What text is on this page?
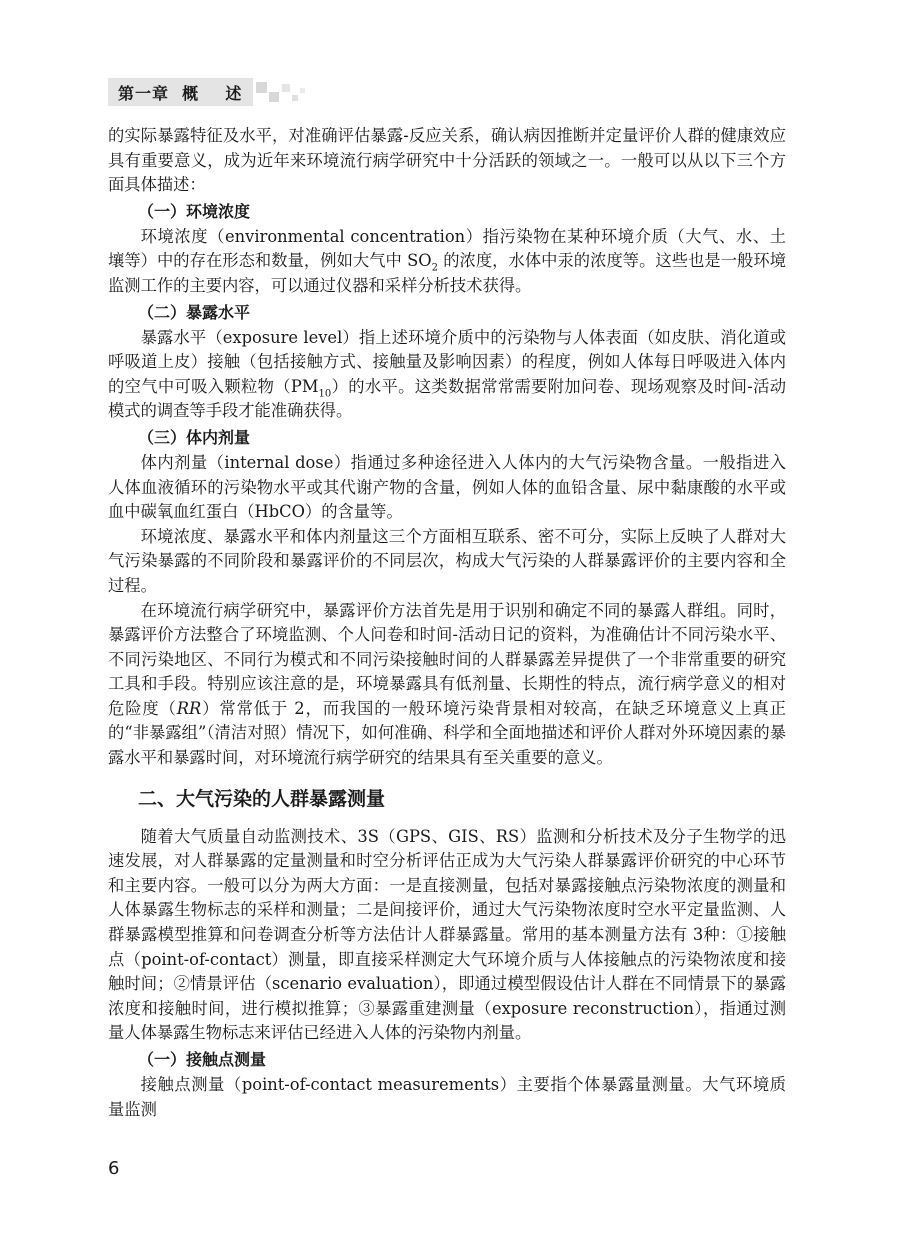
第一章  概    述

的实际暴露特征及水平，对准确评估暴露-反应关系，确认病因推断并定量评价人群的健康效应具有重要意义，成为近年来环境流行病学研究中十分活跃的领域之一。一般可以从以下三个方面具体描述：

（一）环境浓度

环境浓度（environmental concentration）指污染物在某种环境介质（大气、水、土壤等）中的存在形态和数量，例如大气中 $SO_2$ 的浓度，水体中汞的浓度等。这些也是一般环境监测工作的主要内容，可以通过仪器和采样分析技术获得。

（二）暴露水平

暴露水平（exposure level）指上述环境介质中的污染物与人体表面（如皮肤、消化道或呼吸道上皮）接触（包括接触方式、接触量及影响因素）的程度，例如人体每日呼吸进入体内的空气中可吸入颗粒物$(PM_{10})$的水平。这类数据常常需要附加问卷、现场观察及时间-活动模式的调查等手段才能准确获得。

（三）体内剂量

体内剂量（internal dose）指通过多种途径进入人体内的大气污染物含量。一般指进入人体血液循环的污染物水平或其代谢产物的含量，例如人体的血铅含量、尿中黏康酸的水平或血中碳氧血红蛋白（HbCO）的含量等。

环境浓度、暴露水平和体内剂量这三个方面相互联系、密不可分，实际上反映了人群对大气污染暴露的不同阶段和暴露评价的不同层次，构成大气污染的人群暴露评价的主要内容和全过程。

在环境流行病学研究中，暴露评价方法首先是用于识别和确定不同的暴露人群组。同时，暴露评价方法整合了环境监测、个人问卷和时间-活动日记的资料，为准确估计不同污染水平、不同污染地区、不同行为模式和不同污染接触时间的人群暴露差异提供了一个非常重要的研究工具和手段。特别应该注意的是，环境暴露具有低剂量、长期性的特点，流行病学意义的相对危险度（RR）常常低于 2，而我国的一般环境污染背景相对较高，在缺乏环境意义上真正的“非暴露组”（清洁对照）情况下，如何准确、科学和全面地描述和评价人群对外环境因素的暴露水平和暴露时间，对环境流行病学研究的结果具有至关重要的意义。

二、大气污染的人群暴露测量

随着大气质量自动监测技术、3S（GPS、GIS、RS）监测和分析技术及分子生物学的迅速发展，对人群暴露的定量测量和时空分析评估正成为大气污染人群暴露评价研究的中心环节和主要内容。一般可以分为两大方面：一是直接测量，包括对暴露接触点污染物浓度的测量和人体暴露生物标志的采样和测量；二是间接评价，通过大气污染物浓度时空水平定量监测、人群暴露模型推算和问卷调查分析等方法估计人群暴露量。常用的基本测量方法有 3种：①接触点（point-of-contact）测量，即直接采样测定大气环境介质与人体接触点的污染物浓度和接触时间；②情景评估（scenario evaluation），即通过模型假设估计人群在不同情景下的暴露浓度和接触时间，进行模拟推算；③暴露重建测量（exposure reconstruction），指通过测量人体暴露生物标志来评估已经进入人体的污染物内剂量。

（一）接触点测量

接触点测量（point-of-contact measurements）主要指个体暴露量测量。大气环境质量监测

6
